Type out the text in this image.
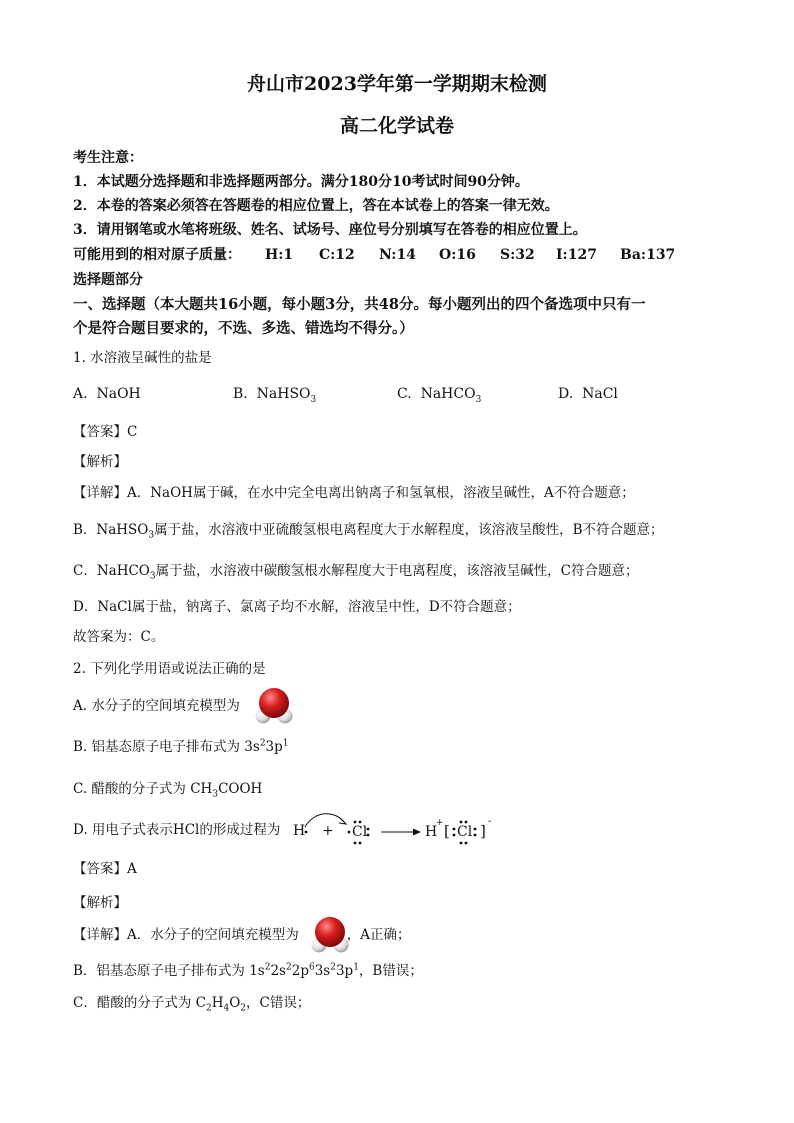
舟山市2023学年第一学期期末检测
高二化学试卷
考生注意：
1．本试题分选择题和非选择题两部分。满分180分10考试时间90分钟。
2．本卷的答案必须答在答题卷的相应位置上，答在本试卷上的答案一律无效。
3．请用钢笔或水笔将班级、姓名、试场号、座位号分别填写在答卷的相应位置上。
可能用到的相对原子质量： H:1 C:12 N:14 O:16 S:32 I:127 Ba:137
选择题部分
一、选择题（本大题共16小题，每小题3分，共48分。每小题列出的四个备选项中只有一
个是符合题目要求的，不选、多选、错选均不得分。）
1. 水溶液呈碱性的盐是
A. NaOH	B. NaHSO$_3$	C. NaHCO$_3$	D. NaCl
【答案】C
【解析】
【详解】A．NaOH属于碱，在水中完全电离出钠离子和氢氧根，溶液呈碱性，A不符合题意；
B．NaHSO$_3$属于盐，水溶液中亚硫酸氢根电离程度大于水解程度，该溶液呈酸性，B不符合题意；
C．NaHCO$_3$属于盐，水溶液中碳酸氢根水解程度大于电离程度，该溶液呈碱性，C符合题意；
D．NaCl属于盐，钠离子、氯离子均不水解，溶液呈中性，D不符合题意；
故答案为：C。
2. 下列化学用语或说法正确的是
A. 水分子的空间填充模型为
B. 铝基态原子电子排布式为 $3s^23p^1$
C. 醋酸的分子式为 $CH_3COOH$
D. 用电子式表示HCl的形成过程为 H + Cl	H
+ [ Cl ]
-
【答案】A
【解析】
【详解】A．水分子的空间填充模型为	，A正确；
B．铝基态原子电子排布式为 $1s^22s^22p^63s^23p^1$，B错误；
C．醋酸的分子式为 $C_2H_4O_2$，C错误；
